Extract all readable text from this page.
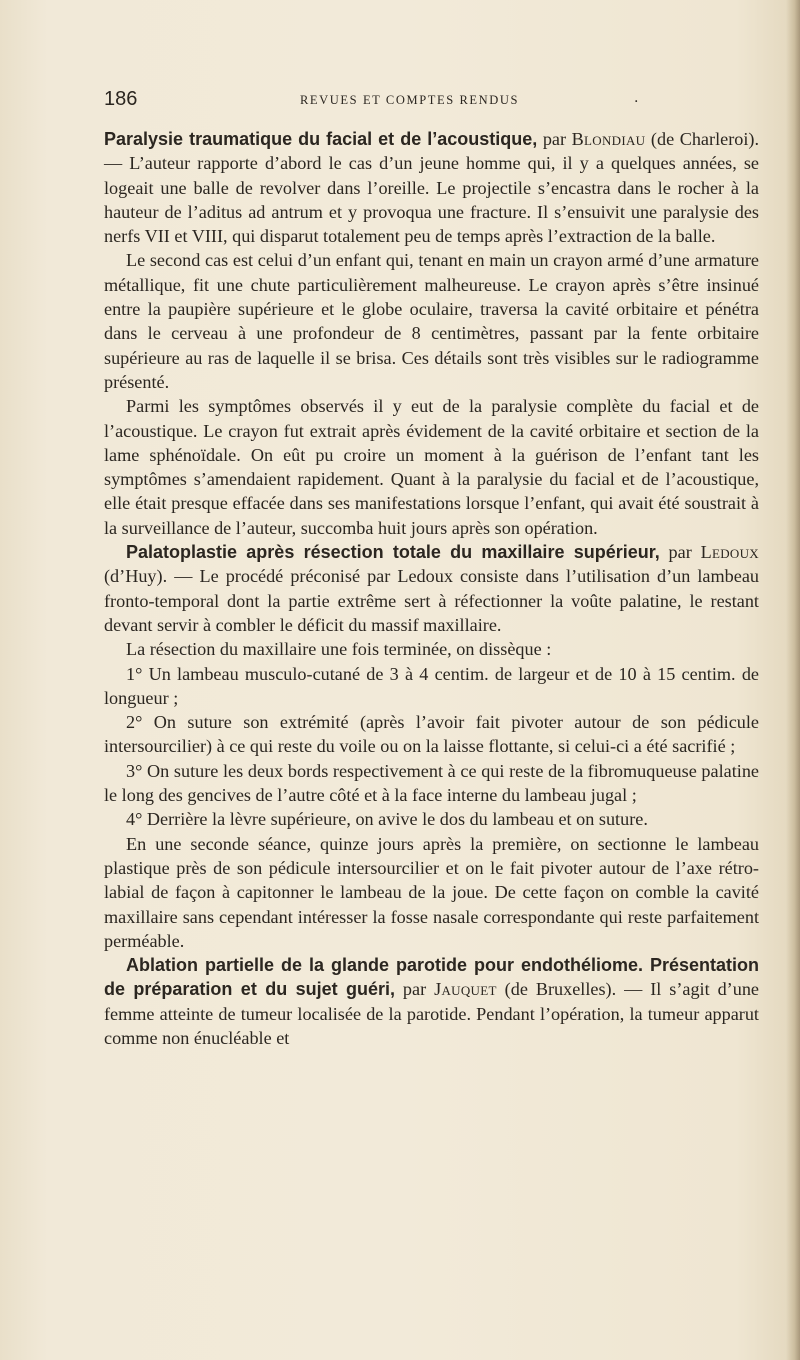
186	REVUES ET COMPTES RENDUS	.

Paralysie traumatique du facial et de l’acoustique, par Blondiau (de Charleroi). — L’auteur rapporte d’abord le cas d’un jeune homme qui, il y a quelques années, se logeait une balle de revolver dans l’oreille. Le projectile s’encastra dans le rocher à la hauteur de l’aditus ad antrum et y provoqua une fracture. Il s’ensuivit une paralysie des nerfs VII et VIII, qui disparut totalement peu de temps après l’extraction de la balle.

Le second cas est celui d’un enfant qui, tenant en main un crayon armé d’une armature métallique, fit une chute particulièrement malheureuse. Le crayon après s’être insinué entre la paupière supérieure et le globe oculaire, traversa la cavité orbitaire et pénétra dans le cerveau à une profondeur de 8 centimètres, passant par la fente orbitaire supérieure au ras de laquelle il se brisa. Ces détails sont très visibles sur le radiogramme présenté.

Parmi les symptômes observés il y eut de la paralysie complète du facial et de l’acoustique. Le crayon fut extrait après évidement de la cavité orbitaire et section de la lame sphénoïdale. On eût pu croire un moment à la guérison de l’enfant tant les symptômes s’amendaient rapidement. Quant à la paralysie du facial et de l’acoustique, elle était presque effacée dans ses manifestations lorsque l’enfant, qui avait été soustrait à la surveillance de l’auteur, succomba huit jours après son opération.

Palatoplastie après résection totale du maxillaire supérieur, par Ledoux (d’Huy). — Le procédé préconisé par Ledoux consiste dans l’utilisation d’un lambeau fronto-temporal dont la partie extrême sert à réfectionner la voûte palatine, le restant devant servir à combler le déficit du massif maxillaire.

La résection du maxillaire une fois terminée, on dissèque :

1° Un lambeau musculo-cutané de 3 à 4 centim. de largeur et de 10 à 15 centim. de longueur ;

2° On suture son extrémité (après l’avoir fait pivoter autour de son pédicule intersourcilier) à ce qui reste du voile ou on la laisse flottante, si celui-ci a été sacrifié ;

3° On suture les deux bords respectivement à ce qui reste de la fibromuqueuse palatine le long des gencives de l’autre côté et à la face interne du lambeau jugal ;

4° Derrière la lèvre supérieure, on avive le dos du lambeau et on suture.

En une seconde séance, quinze jours après la première, on sectionne le lambeau plastique près de son pédicule intersourcilier et on le fait pivoter autour de l’axe rétro-labial de façon à capitonner le lambeau de la joue. De cette façon on comble la cavité maxillaire sans cependant intéresser la fosse nasale correspondante qui reste parfaitement perméable.

Ablation partielle de la glande parotide pour endothéliome. Présentation de préparation et du sujet guéri, par Jauquet (de Bruxelles). — Il s’agit d’une femme atteinte de tumeur localisée de la parotide. Pendant l’opération, la tumeur apparut comme non énucléable et
